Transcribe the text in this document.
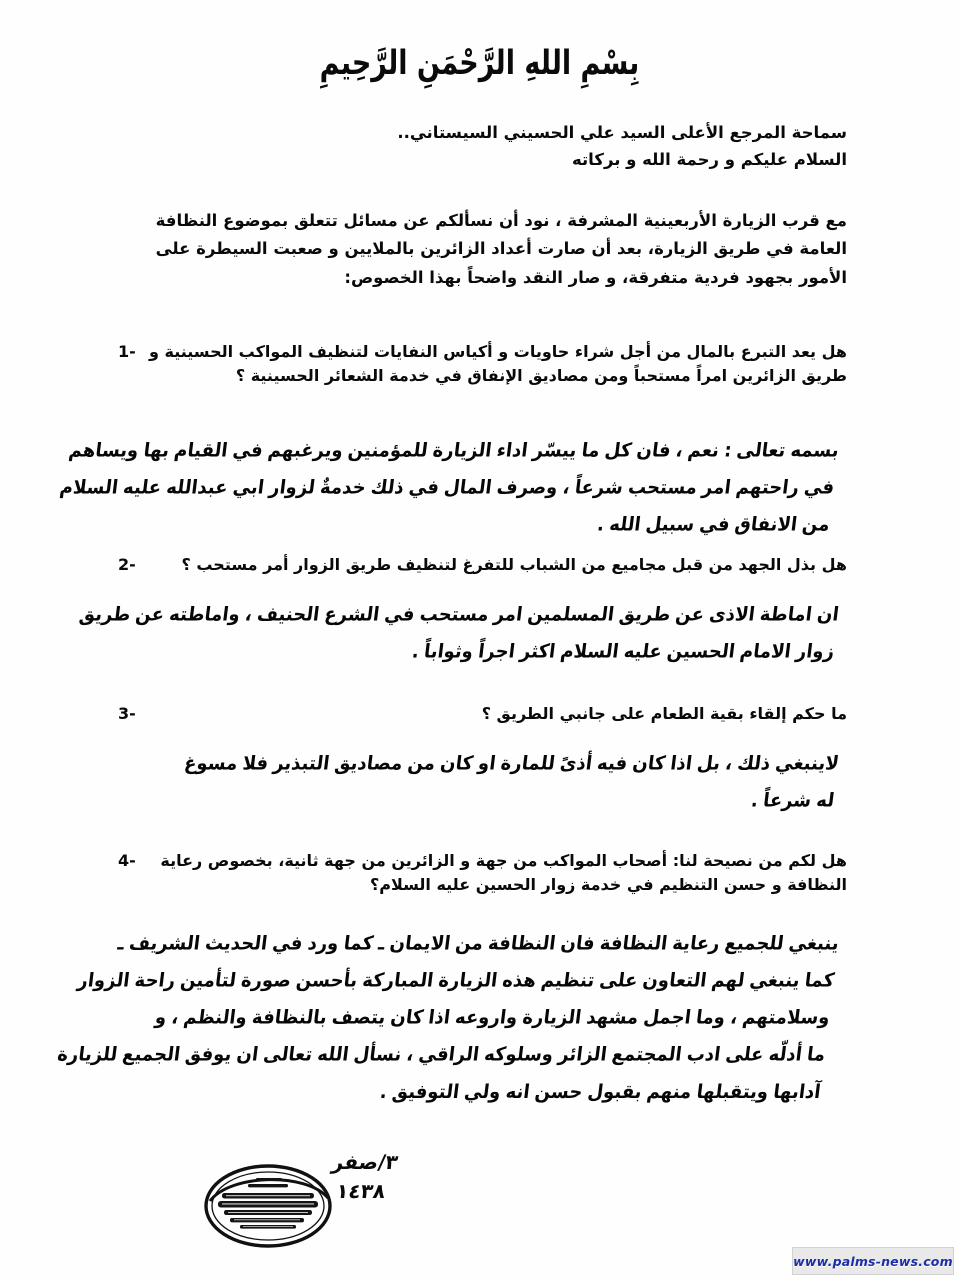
بِسْمِ اللهِ الرَّحْمَنِ الرَّحِيمِ
سماحة المرجع الأعلى السيد علي الحسيني السيستاني..
السلام عليكم و رحمة الله و بركاته
مع قرب الزيارة الأربعينية المشرفة ، نود أن نسألكم عن مسائل تتعلق بموضوع النظافة العامة في طريق الزيارة، بعد أن صارت أعداد الزائرين بالملايين و صعبت السيطرة على الأمور بجهود فردية متفرقة، و صار النقد واضحاً بهذا الخصوص:
1- هل يعد التبرع بالمال من أجل شراء حاويات و أكياس النفايات لتنظيف المواكب الحسينية و طريق الزائرين امراً مستحباً ومن مصاديق الإنفاق في خدمة الشعائر الحسينية ؟
بسمه تعالى : نعم ، فان كل ما ييسّر اداء الزيارة للمؤمنين ويرغبهم في القيام بها ويساهم
في راحتهم امر مستحب شرعاً ، وصرف المال في ذلك خدمةٌ لزوار ابي عبدالله عليه السلام
من الانفاق في سبيل الله .
2-	هل بذل الجهد من قبل مجاميع من الشباب للتفرغ لتنظيف طريق الزوار أمر مستحب ؟
ان اماطة الاذى عن طريق المسلمين امر مستحب في الشرع الحنيف ، واماطته عن طريق
زوار الامام الحسين عليه السلام اكثر اجراً وثواباً .
3-	ما حكم إلقاء بقية الطعام على جانبي الطريق ؟
لاينبغي ذلك ، بل اذا كان فيه أذىً للمارة او كان من مصاديق التبذير فلا مسوغ
له شرعاً .
4-	هل لكم من نصيحة لنا: أصحاب المواكب من جهة و الزائرين من جهة ثانية، بخصوص رعاية النظافة و حسن التنظيم في خدمة زوار الحسين عليه السلام؟
ينبغي للجميع رعاية النظافة فان النظافة من الايمان ـ كما ورد في الحديث الشريف ـ
كما ينبغي لهم التعاون على تنظيم هذه الزيارة المباركة بأحسن صورة لتأمين راحة الزوار
وسلامتهم ، وما اجمل مشهد الزيارة واروعه اذا كان يتصف بالنظافة والنظم ، و
ما أدلّه على ادب المجتمع الزائر وسلوكه الراقي ، نسأل الله تعالى ان يوفق الجميع للزيارة
آدابها ويتقبلها منهم بقبول حسن انه ولي التوفيق .
٣/صفر
١٤٣٨
www.palms-news.com
